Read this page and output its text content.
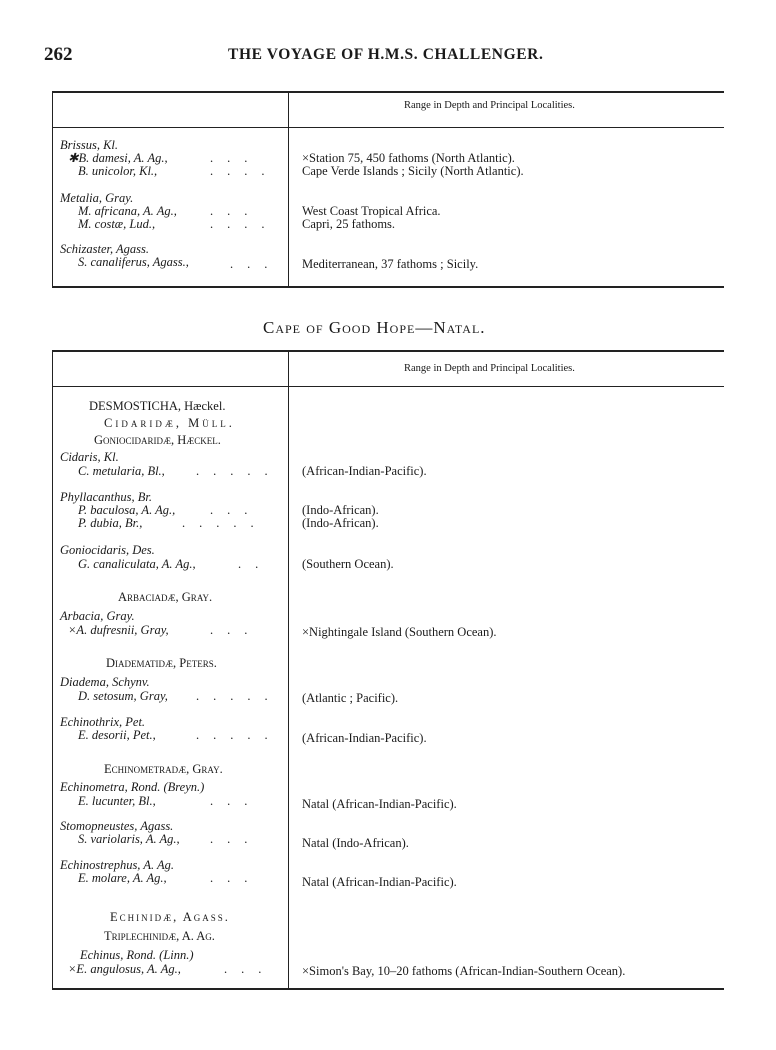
262	THE VOYAGE OF H.M.S. CHALLENGER.
Range in Depth and Principal Localities.
Brissus, Kl.
✱B. damesi, A. Ag.,	...	×Station 75, 450 fathoms (North Atlantic).
B. unicolor, Kl.,	.... Cape Verde Islands ; Sicily (North Atlantic).
Metalia, Gray.
M. africana, A. Ag.,	...	West Coast Tropical Africa.
M. costæ, Lud.,	.... Capri, 25 fathoms.
Schizaster, Agass.
S. canaliferus, Agass.,	... Mediterranean, 37 fathoms ; Sicily.
Cape of Good Hope—Natal.
Range in Depth and Principal Localities.
DESMOSTICHA, Hæckel.
Cidaridæ, Müll.
Goniocidaridæ, Hæckel.
Cidaris, Kl.
C. metularia, Bl., ..... (African-Indian-Pacific).
Phyllacanthus, Br.
P. baculosa, A. Ag.,	...	(Indo-African).
P. dubia, Br.,	.....	(Indo-African).
Goniocidaris, Des.
G. canaliculata, A. Ag.,	.. (Southern Ocean).
Arbaciadæ, Gray.
Arbacia, Gray.
×A. dufresnii, Gray,	...	×Nightingale Island (Southern Ocean).
Diadematidæ, Peters.
Diadema, Schynv.
D. setosum, Gray, ..... (Atlantic ; Pacific).
Echinothrix, Pet.
E. desorii, Pet.,	..... (African-Indian-Pacific).
Echinometradæ, Gray.
Echinometra, Rond. (Breyn.)
E. lucunter, Bl.,	...	Natal (African-Indian-Pacific).
Stomopneustes, Agass.
S. variolaris, A. Ag., ...	Natal (Indo-African).
Echinostrephus, A. Ag.
E. molare, A. Ag.,	...	Natal (African-Indian-Pacific).
Echinidæ, Agass.
Triplechinidæ, A. Ag.
Echinus, Rond. (Linn.)
×E. angulosus, A. Ag.,	... ×Simon's Bay, 10–20 fathoms (African-Indian-Southern Ocean).
